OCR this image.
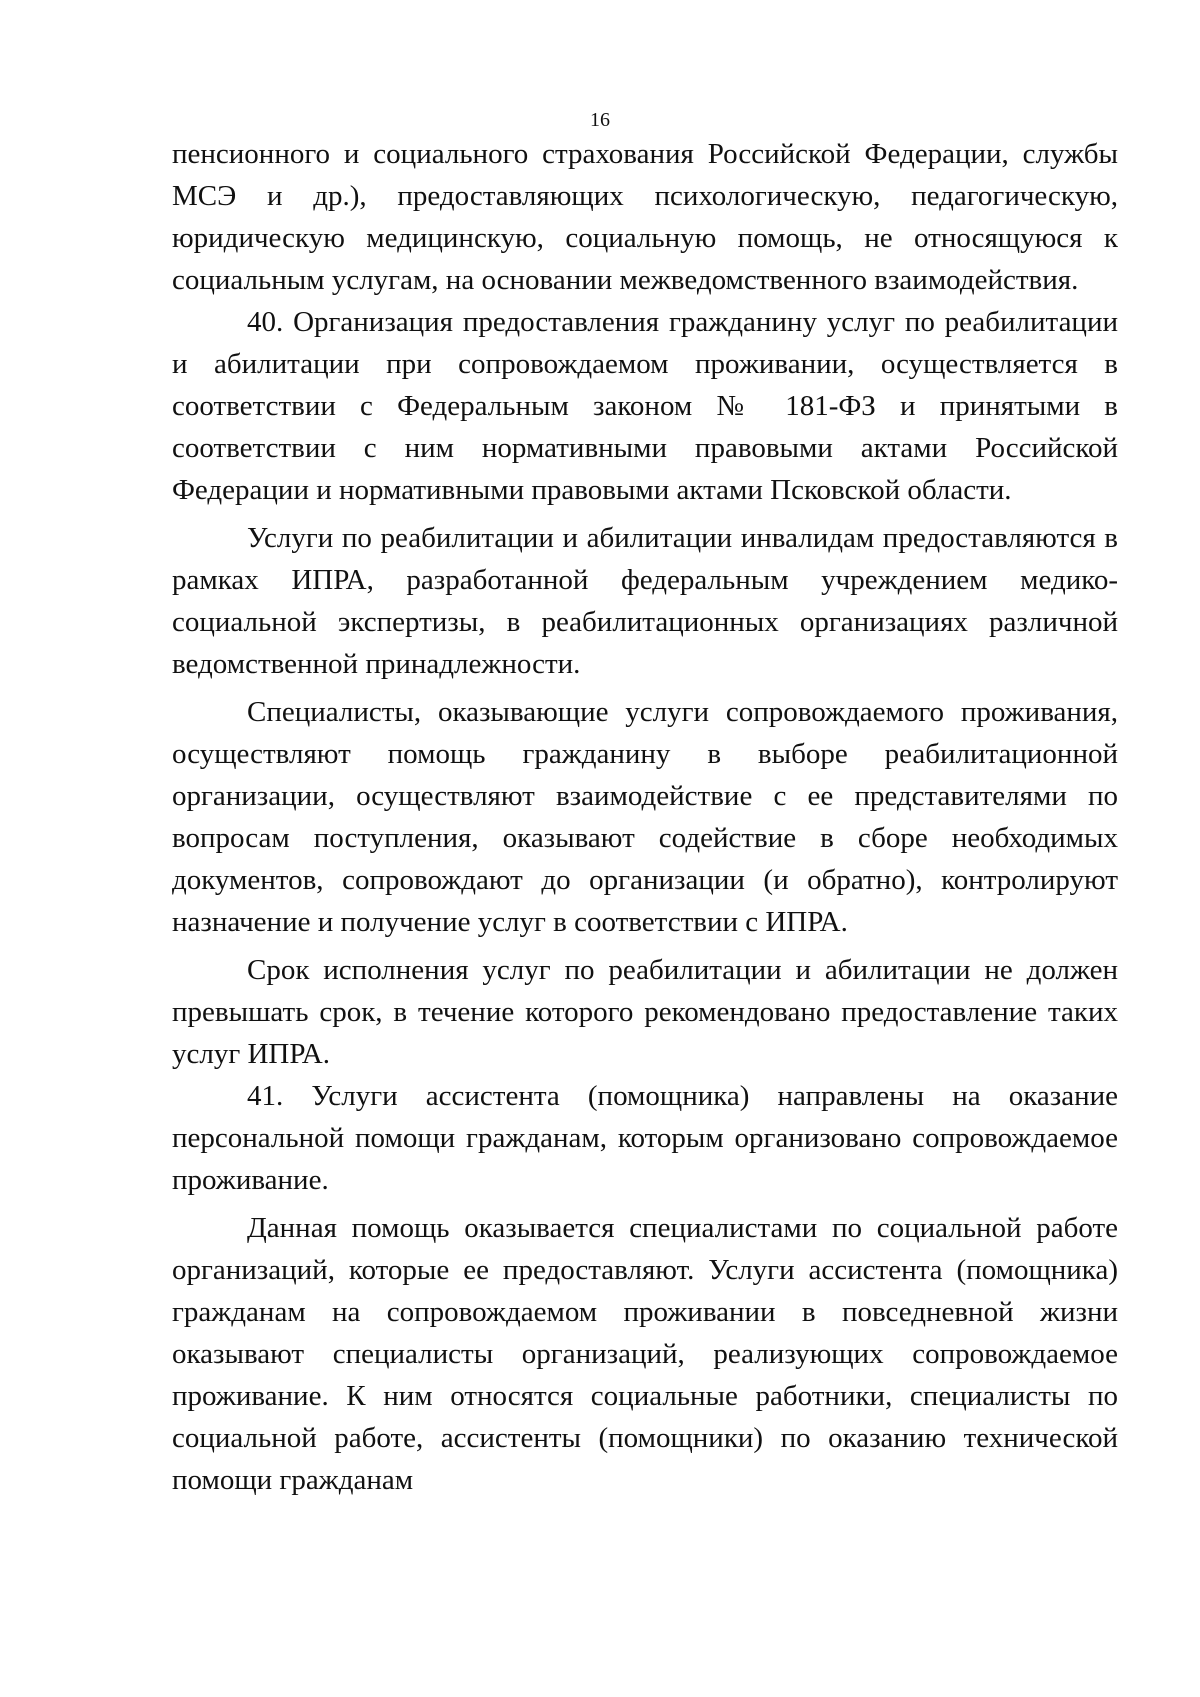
16

пенсионного и социального страхования Российской Федерации, службы МСЭ и др.), предоставляющих психологическую, педагогическую, юридическую медицинскую, социальную помощь, не относящуюся к социальным услугам, на основании межведомственного взаимодействия.

40. Организация предоставления гражданину услуг по реабилитации и абилитации при сопровождаемом проживании, осуществляется в соответствии с Федеральным законом № 181-ФЗ и принятыми в соответствии с ним нормативными правовыми актами Российской Федерации и нормативными правовыми актами Псковской области.

Услуги по реабилитации и абилитации инвалидам предоставляются в рамках ИПРА, разработанной федеральным учреждением медико-социальной экспертизы, в реабилитационных организациях различной ведомственной принадлежности.

Специалисты, оказывающие услуги сопровождаемого проживания, осуществляют помощь гражданину в выборе реабилитационной организации, осуществляют взаимодействие с ее представителями по вопросам поступления, оказывают содействие в сборе необходимых документов, сопровождают до организации (и обратно), контролируют назначение и получение услуг в соответствии с ИПРА.

Срок исполнения услуг по реабилитации и абилитации не должен превышать срок, в течение которого рекомендовано предоставление таких услуг ИПРА.

41. Услуги ассистента (помощника) направлены на оказание персональной помощи гражданам, которым организовано сопровождаемое проживание.

Данная помощь оказывается специалистами по социальной работе организаций, которые ее предоставляют. Услуги ассистента (помощника) гражданам на сопровождаемом проживании в повседневной жизни оказывают специалисты организаций, реализующих сопровождаемое проживание. К ним относятся социальные работники, специалисты по социальной работе, ассистенты (помощники) по оказанию технической помощи гражданам
